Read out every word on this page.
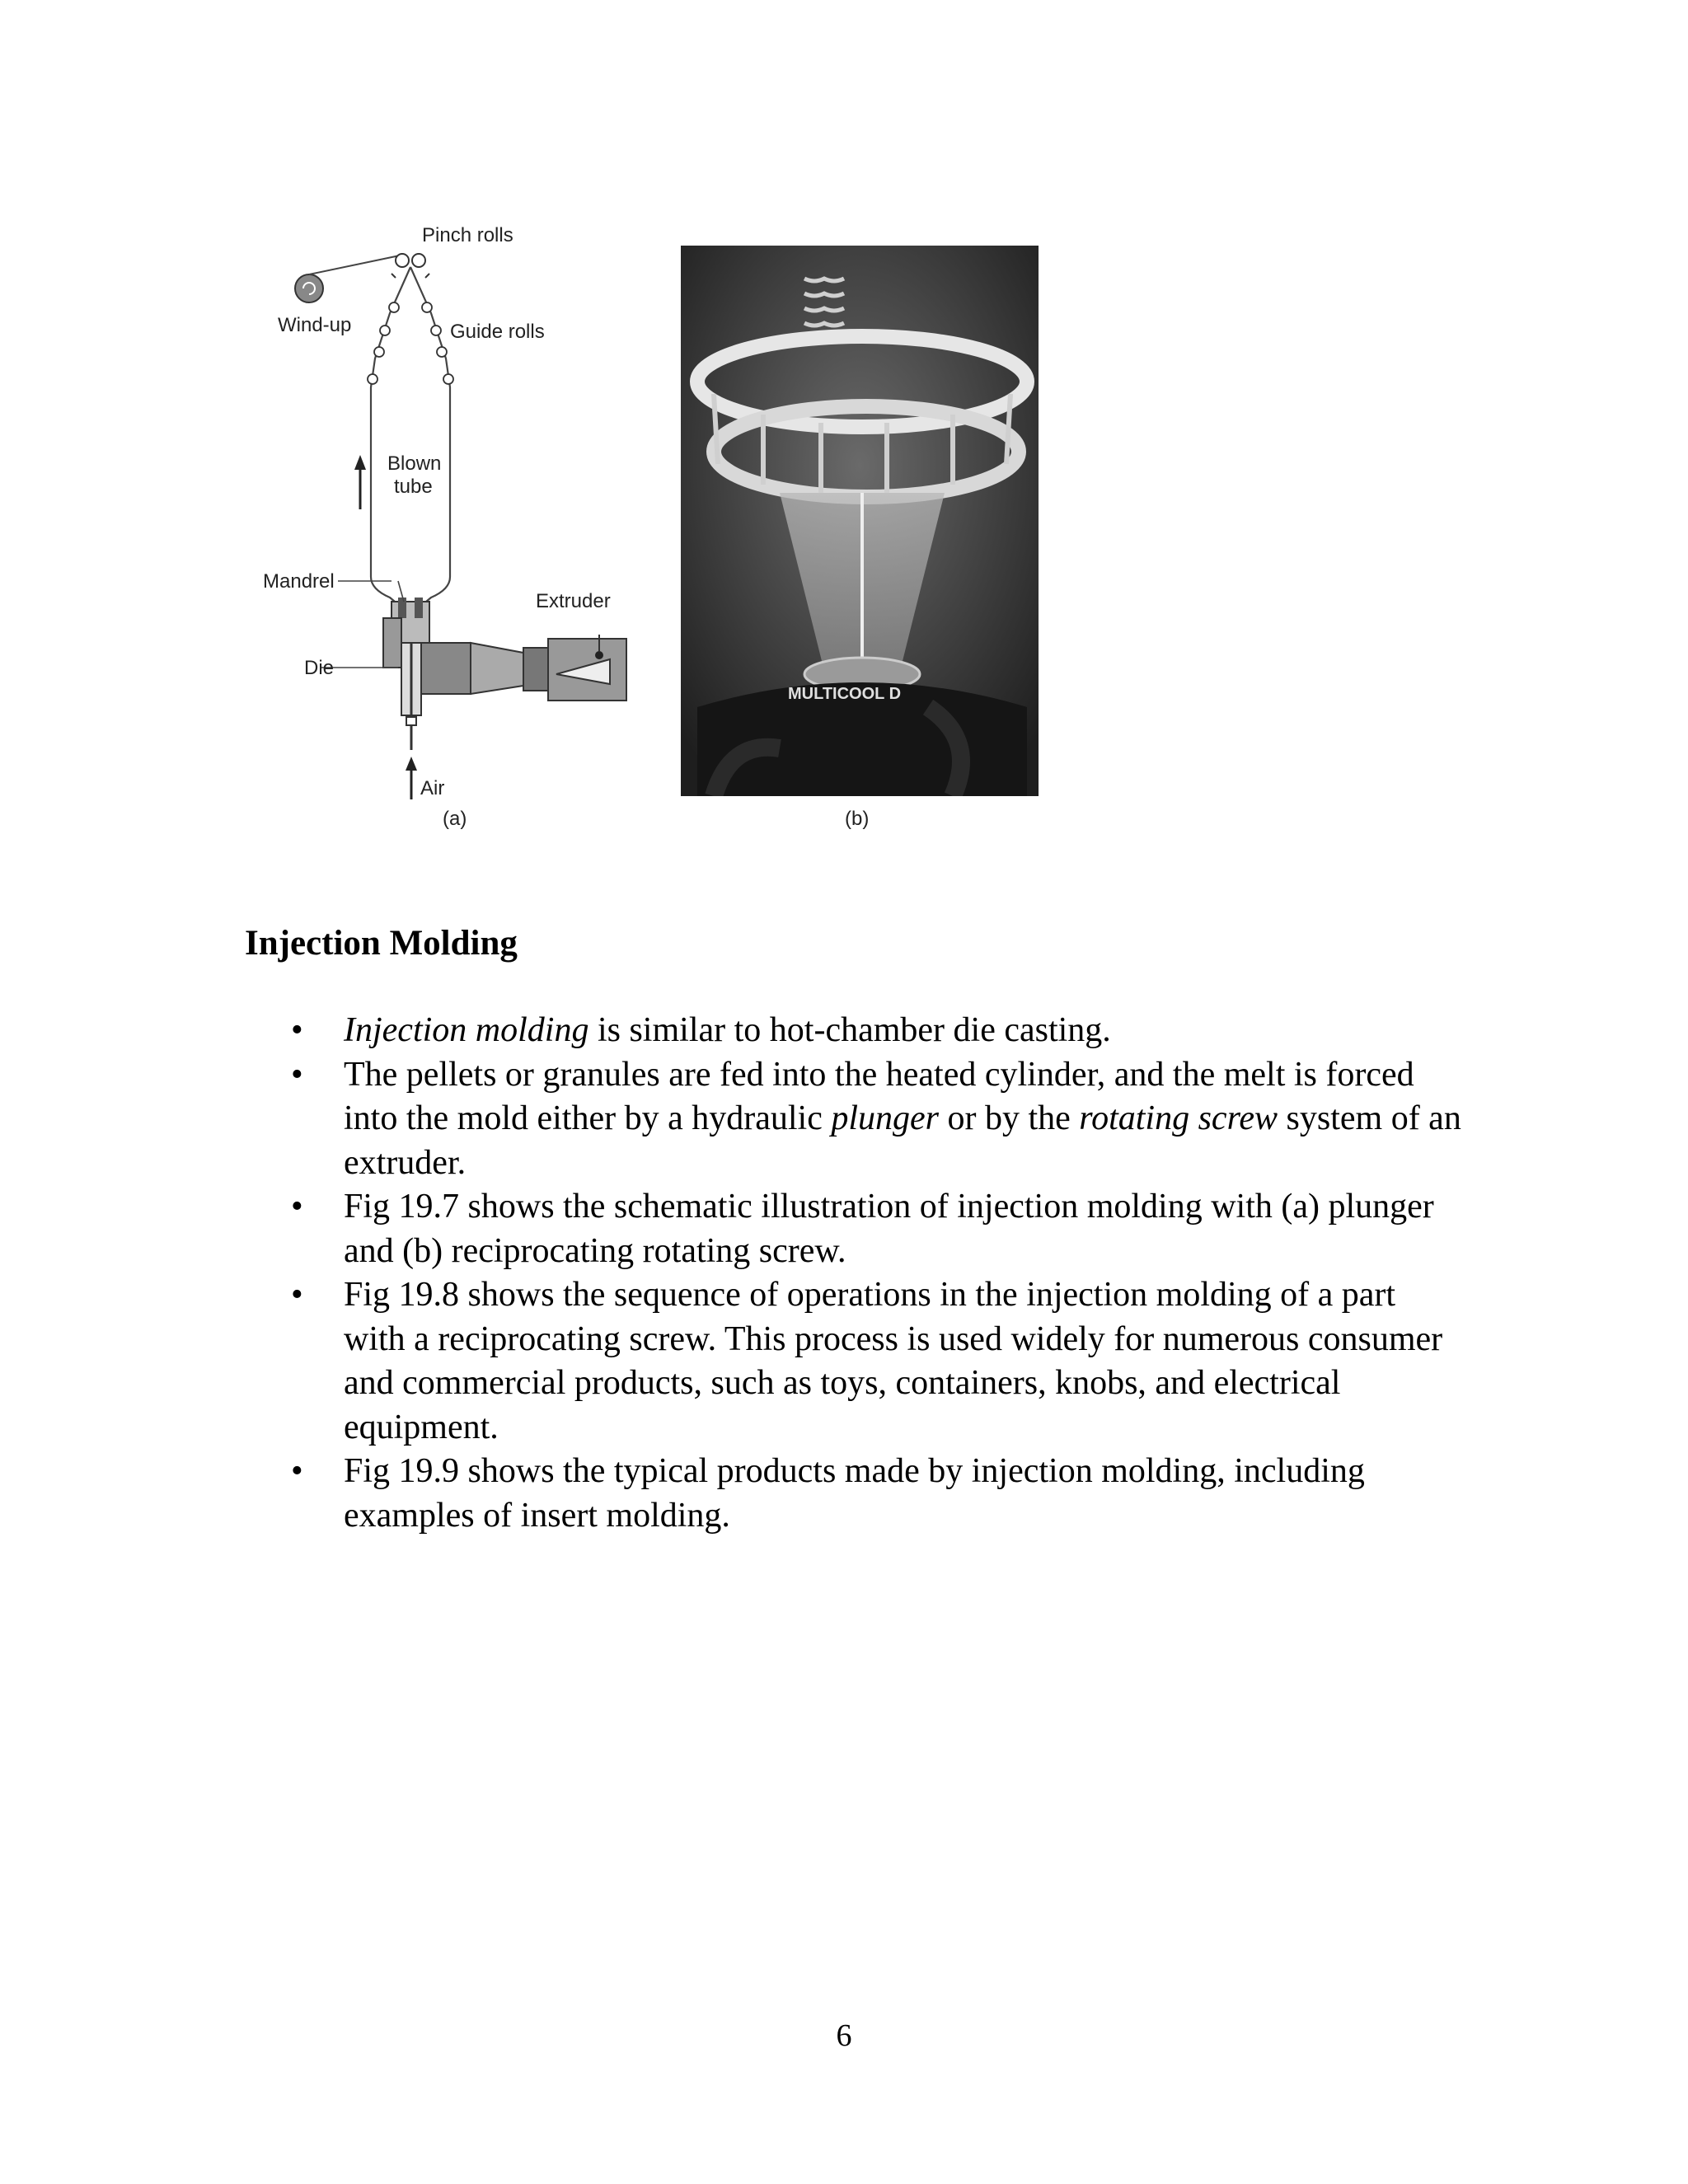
Pinch rolls
Wind-up	Guide rolls
Blown
tube
Mandrel
Extruder
Die
Air
(a)
MULTICOOL D
(b)
Injection Molding
• Injection molding is similar to hot-chamber die casting.
• The pellets or granules are fed into the heated cylinder, and the melt is forced into the mold either by a hydraulic plunger or by the rotating screw system of an extruder.
• Fig 19.7 shows the schematic illustration of injection molding with (a) plunger and (b) reciprocating rotating screw.
• Fig 19.8 shows the sequence of operations in the injection molding of a part with a reciprocating screw. This process is used widely for numerous consumer and commercial products, such as toys, containers, knobs, and electrical equipment.
• Fig 19.9 shows the typical products made by injection molding, including examples of insert molding.
6
